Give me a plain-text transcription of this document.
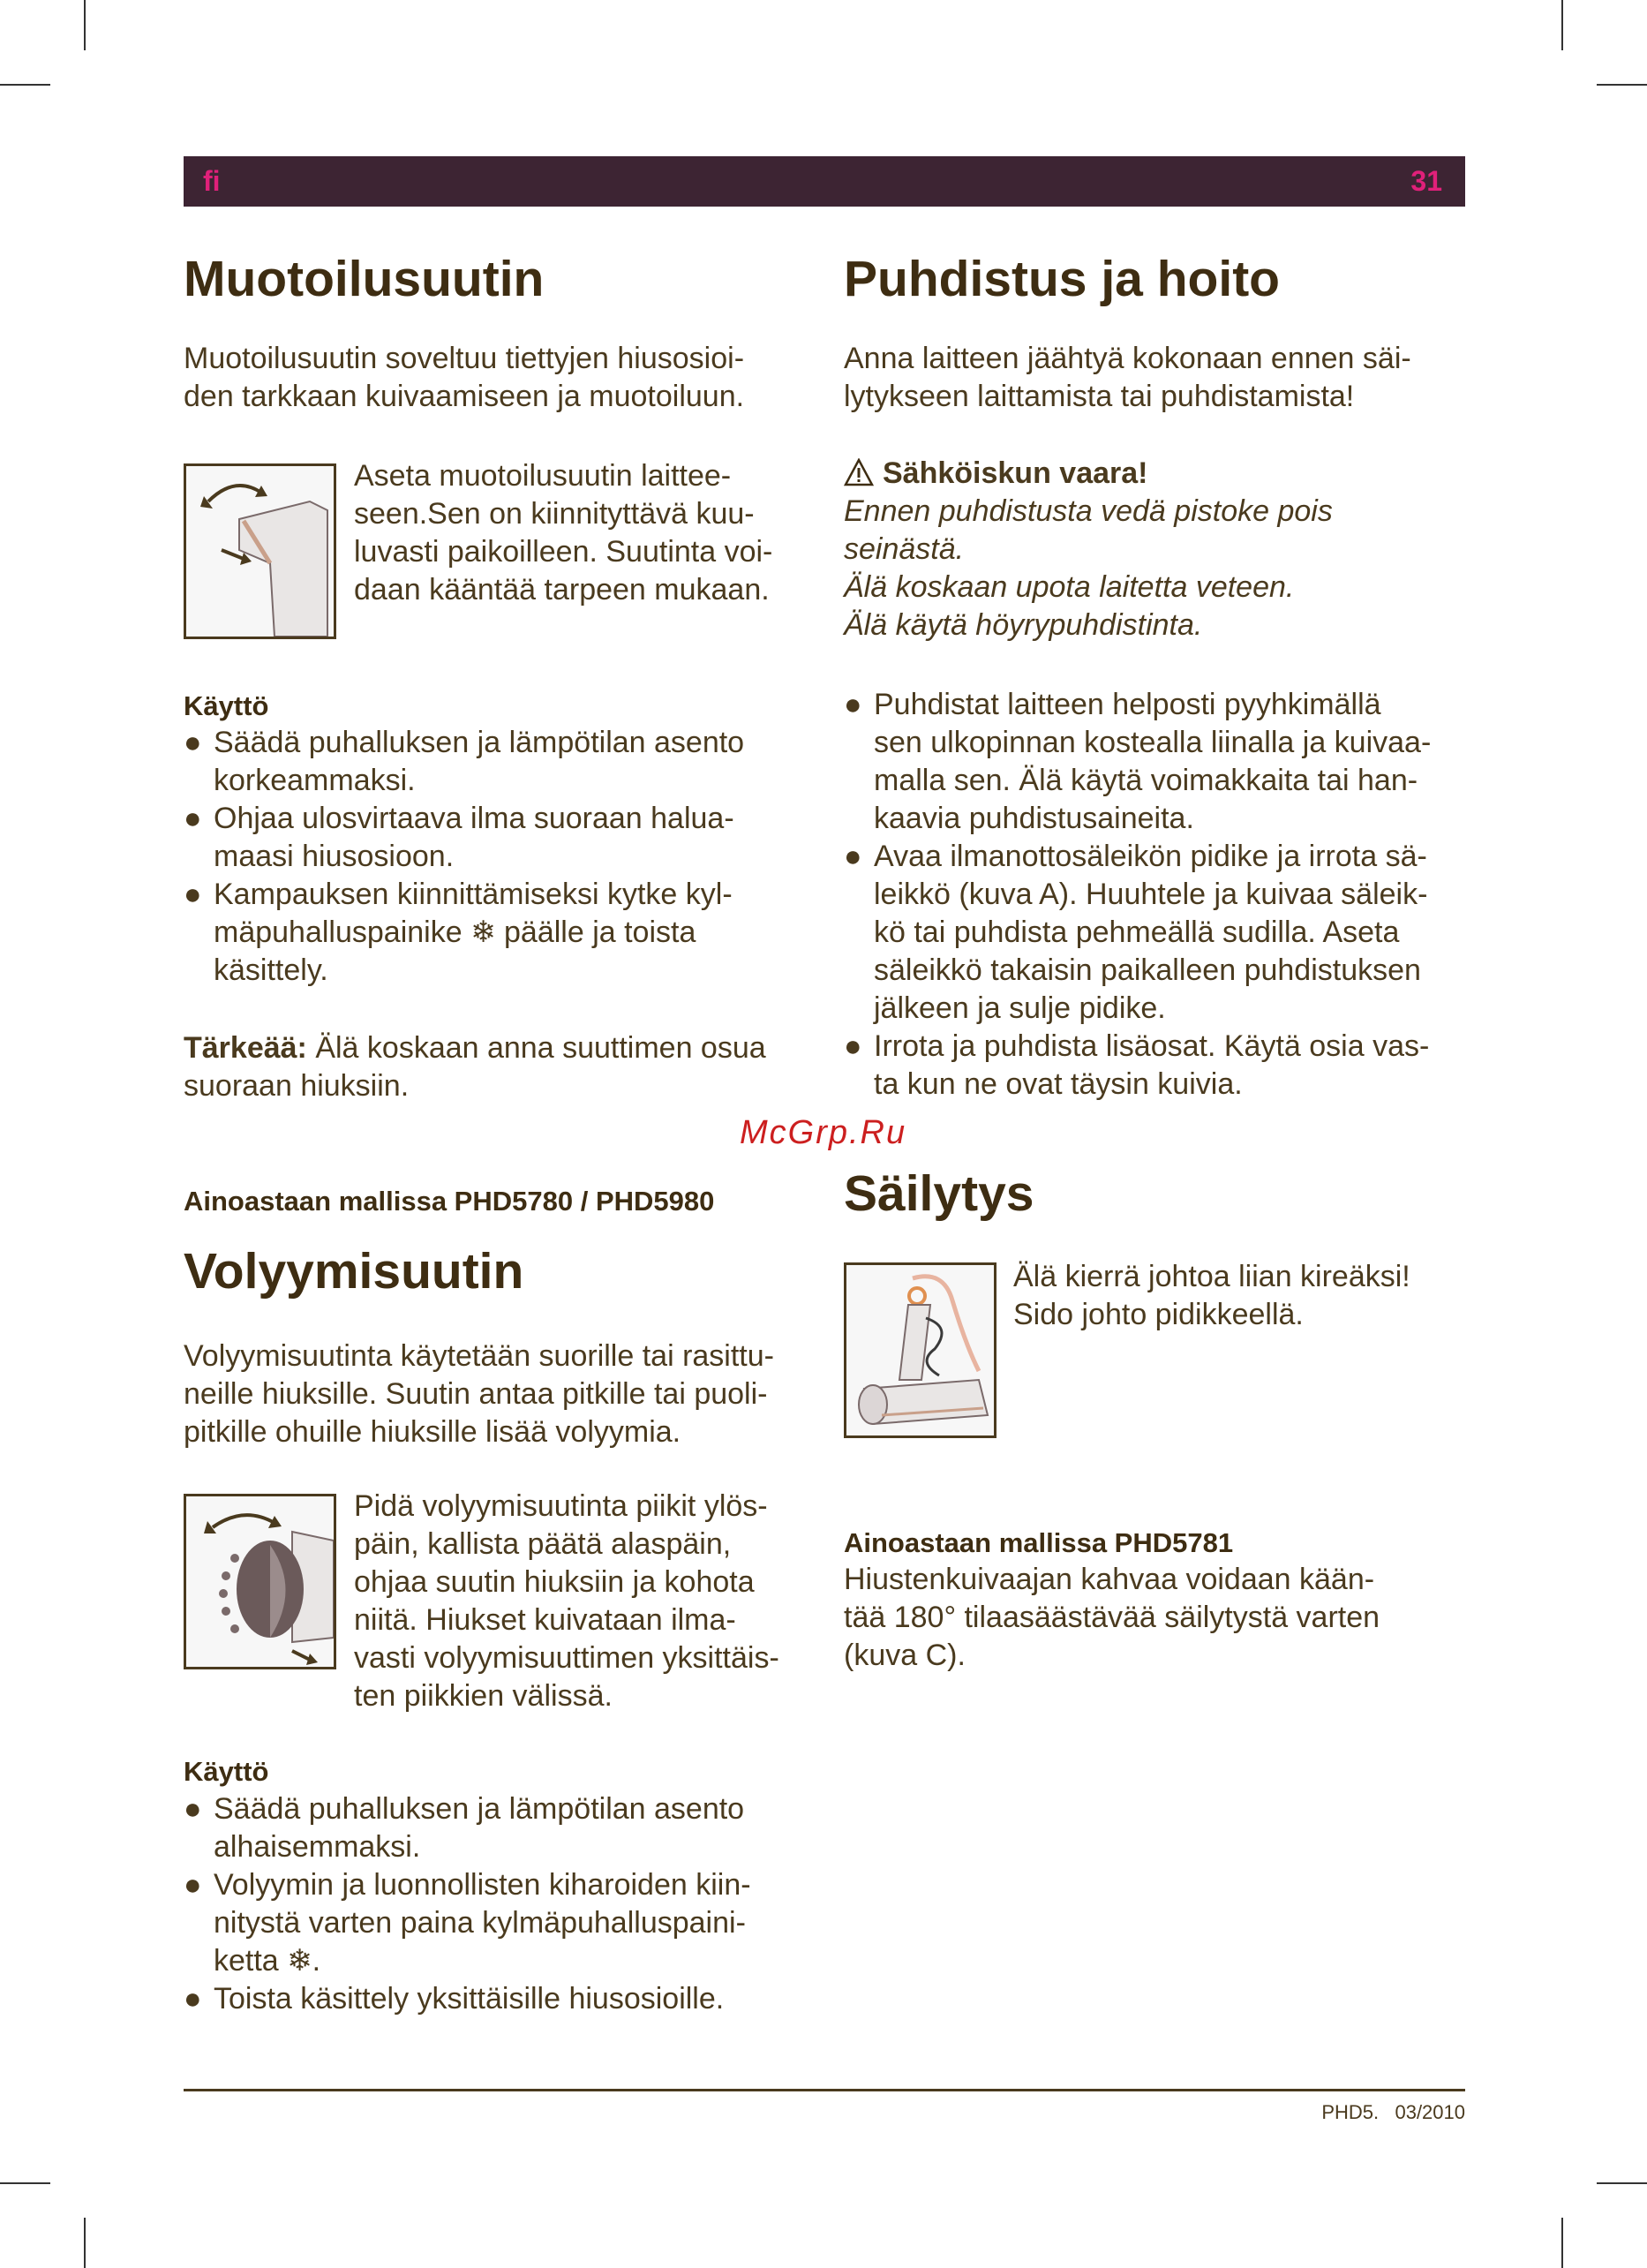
fi	31
Muotoilusuutin
Muotoilusuutin soveltuu tiettyjen hiusosioi-
den tarkkaan kuivaamiseen ja muotoiluun.
Aseta muotoilusuutin laittee-
seen.Sen on kiinnityttävä kuu-
luvasti paikoilleen. Suutinta voi-
daan kääntää tarpeen mukaan.
Käyttö
● Säädä puhalluksen ja lämpötilan asento
korkeammaksi.
● Ohjaa ulosvirtaava ilma suoraan halua-
maasi hiusosioon.
● Kampauksen kiinnittämiseksi kytke kyl-
mäpuhalluspainike ❄ päälle ja toista
käsittely.
Tärkeää: Älä koskaan anna suuttimen osua
suoraan hiuksiin.
Ainoastaan mallissa PHD5780 / PHD5980
Volyymisuutin
Volyymisuutinta käytetään suorille tai rasittu-
neille hiuksille. Suutin antaa pitkille tai puoli-
pitkille ohuille hiuksille lisää volyymia.
Pidä volyymisuutinta piikit ylös-
päin, kallista päätä alaspäin,
ohjaa suutin hiuksiin ja kohota
niitä. Hiukset kuivataan ilma-
vasti volyymisuuttimen yksittäis-
ten piikkien välissä.
Käyttö
● Säädä puhalluksen ja lämpötilan asento
alhaisemmaksi.
● Volyymin ja luonnollisten kiharoiden kiin-
nitystä varten paina kylmäpuhalluspaini-
ketta ❄.
● Toista käsittely yksittäisille hiusosioille.
Puhdistus ja hoito
Anna laitteen jäähtyä kokonaan ennen säi-
lytykseen laittamista tai puhdistamista!
Sähköiskun vaara!
Ennen puhdistusta vedä pistoke pois
seinästä.
Älä koskaan upota laitetta veteen.
Älä käytä höyrypuhdistinta.
● Puhdistat laitteen helposti pyyhkimällä
sen ulkopinnan kostealla liinalla ja kuivaa-
malla sen. Älä käytä voimakkaita tai han-
kaavia puhdistusaineita.
● Avaa ilmanottosäleikön pidike ja irrota sä-
leikkö (kuva A). Huuhtele ja kuivaa säleik-
kö tai puhdista pehmeällä sudilla. Aseta
säleikkö takaisin paikalleen puhdistuksen
jälkeen ja sulje pidike.
● Irrota ja puhdista lisäosat. Käytä osia vas-
ta kun ne ovat täysin kuivia.
McGrp.Ru
Säilytys
Älä kierrä johtoa liian kireäksi!
Sido johto pidikkeellä.
Ainoastaan mallissa PHD5781
Hiustenkuivaajan kahvaa voidaan kään-
tää 180° tilaasäästävää säilytystä varten
(kuva C).
PHD5. 03/2010
